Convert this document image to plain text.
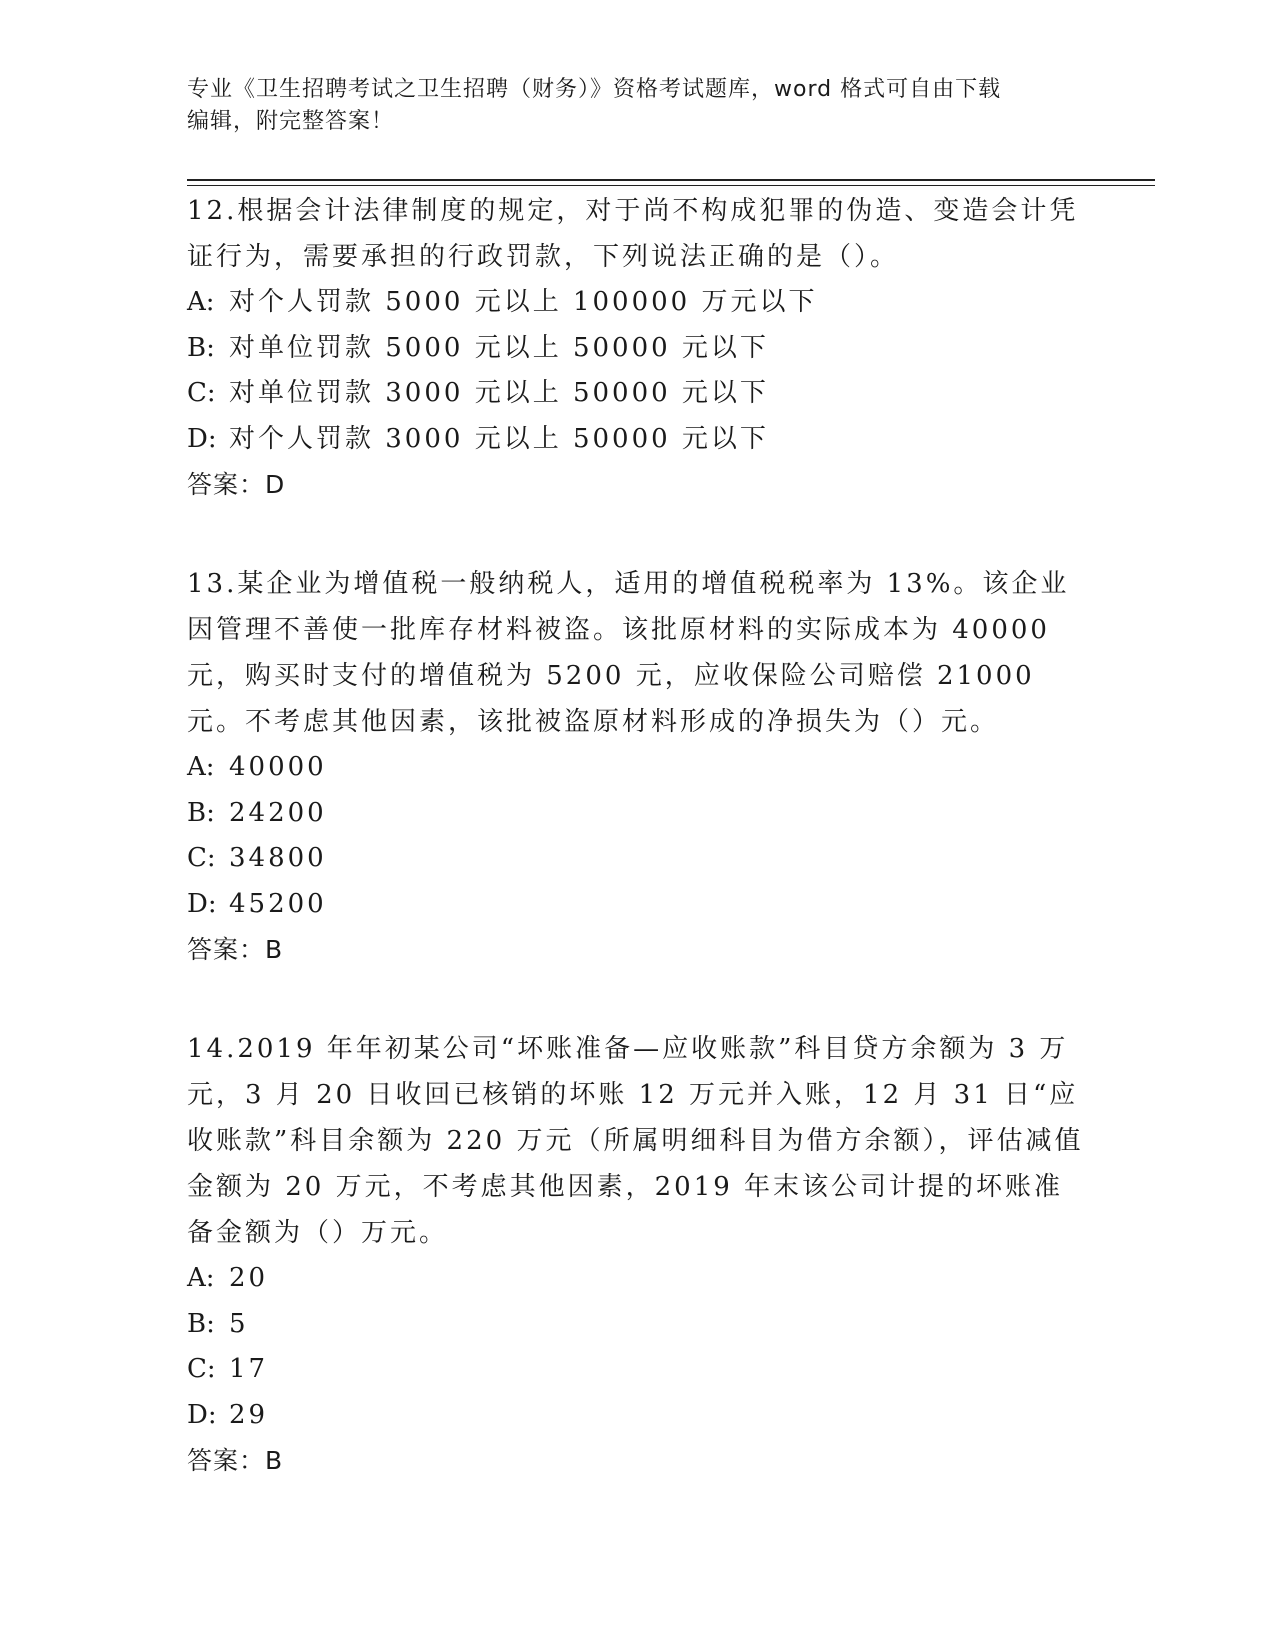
专业《卫生招聘考试之卫生招聘（财务）》资格考试题库，word 格式可自由下载
编辑，附完整答案！

12.根据会计法律制度的规定，对于尚不构成犯罪的伪造、变造会计凭证行为，需要承担的行政罚款，下列说法正确的是（）。

A: 对个人罚款 5000 元以上 100000 万元以下
B: 对单位罚款 5000 元以上 50000 元以下
C: 对单位罚款 3000 元以上 50000 元以下
D: 对个人罚款 3000 元以上 50000 元以下
答案：D

13.某企业为增值税一般纳税人，适用的增值税税率为 13%。该企业因管理不善使一批库存材料被盗。该批原材料的实际成本为 40000 元，购买时支付的增值税为 5200 元，应收保险公司赔偿 21000 元。不考虑其他因素，该批被盗原材料形成的净损失为（）元。

A: 40000
B: 24200
C: 34800
D: 45200
答案：B

14.2019 年年初某公司“坏账准备—应收账款”科目贷方余额为 3 万元，3 月 20 日收回已核销的坏账 12 万元并入账，12 月 31 日“应收账款”科目余额为 220 万元（所属明细科目为借方余额），评估减值金额为 20 万元，不考虑其他因素，2019 年末该公司计提的坏账准备金额为（）万元。

A: 20
B: 5
C: 17
D: 29
答案：B
